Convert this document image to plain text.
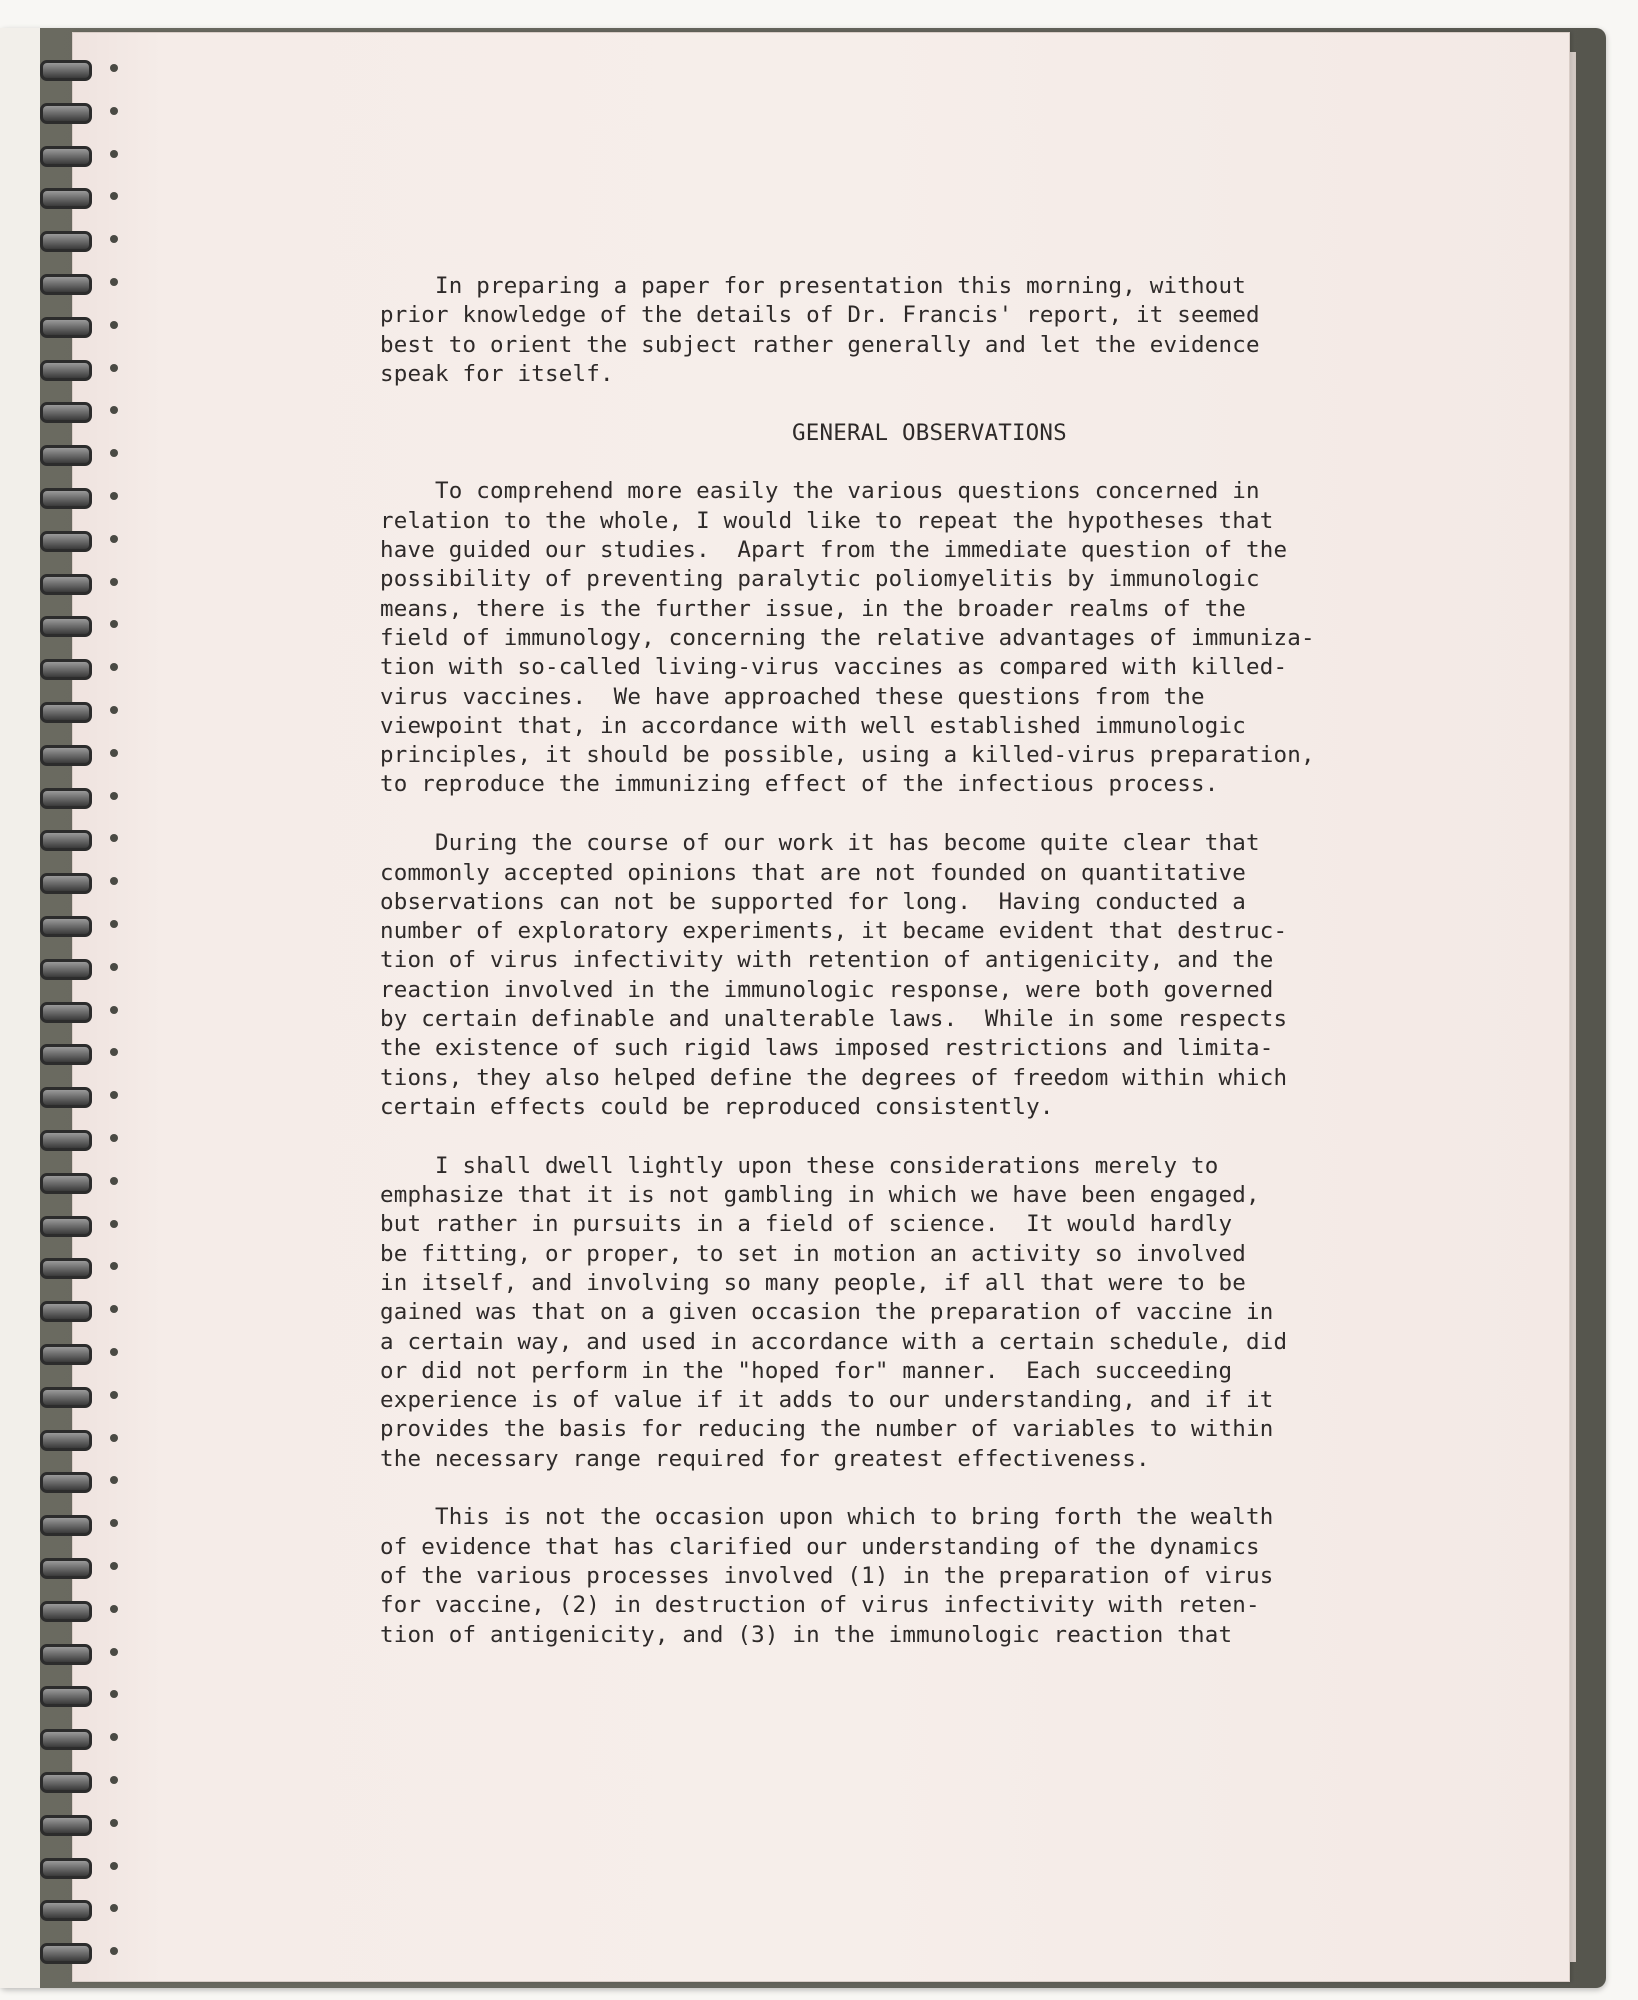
In preparing a paper for presentation this morning, without
prior knowledge of the details of Dr. Francis' report, it seemed
best to orient the subject rather generally and let the evidence
speak for itself.
GENERAL OBSERVATIONS
To comprehend more easily the various questions concerned in
relation to the whole, I would like to repeat the hypotheses that
have guided our studies.  Apart from the immediate question of the
possibility of preventing paralytic poliomyelitis by immunologic
means, there is the further issue, in the broader realms of the
field of immunology, concerning the relative advantages of immuniza-
tion with so-called living-virus vaccines as compared with killed-
virus vaccines.  We have approached these questions from the
viewpoint that, in accordance with well established immunologic
principles, it should be possible, using a killed-virus preparation,
to reproduce the immunizing effect of the infectious process.
During the course of our work it has become quite clear that
commonly accepted opinions that are not founded on quantitative
observations can not be supported for long.  Having conducted a
number of exploratory experiments, it became evident that destruc-
tion of virus infectivity with retention of antigenicity, and the
reaction involved in the immunologic response, were both governed
by certain definable and unalterable laws.  While in some respects
the existence of such rigid laws imposed restrictions and limita-
tions, they also helped define the degrees of freedom within which
certain effects could be reproduced consistently.
I shall dwell lightly upon these considerations merely to
emphasize that it is not gambling in which we have been engaged,
but rather in pursuits in a field of science.  It would hardly
be fitting, or proper, to set in motion an activity so involved
in itself, and involving so many people, if all that were to be
gained was that on a given occasion the preparation of vaccine in
a certain way, and used in accordance with a certain schedule, did
or did not perform in the "hoped for" manner.  Each succeeding
experience is of value if it adds to our understanding, and if it
provides the basis for reducing the number of variables to within
the necessary range required for greatest effectiveness.
This is not the occasion upon which to bring forth the wealth
of evidence that has clarified our understanding of the dynamics
of the various processes involved (1) in the preparation of virus
for vaccine, (2) in destruction of virus infectivity with reten-
tion of antigenicity, and (3) in the immunologic reaction that
